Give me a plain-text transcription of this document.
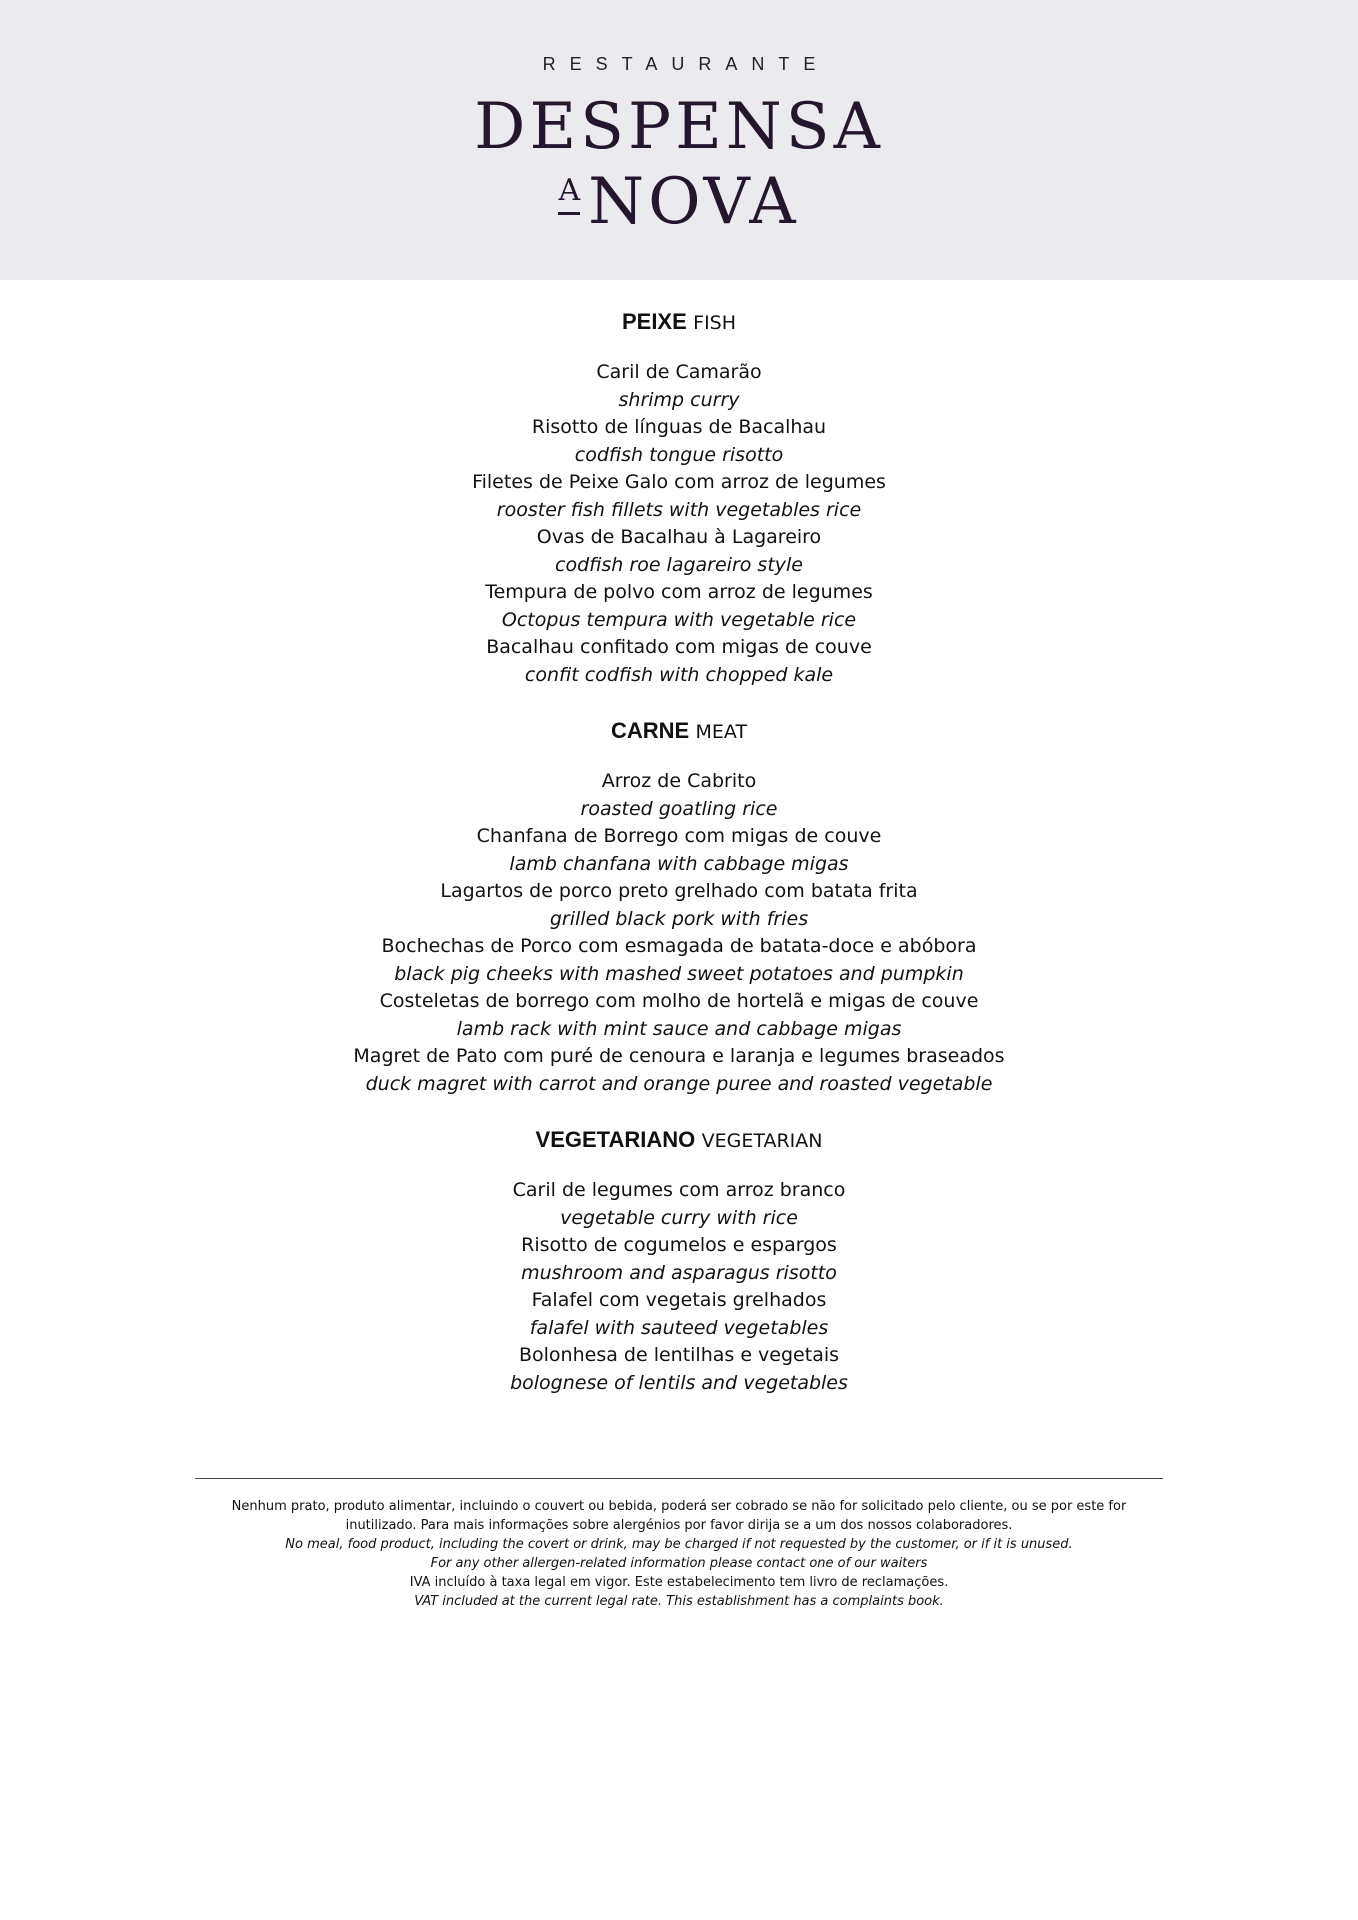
RESTAURANTE
DESPENSA
A NOVA
PEIXE FISH
Caril de Camarão
shrimp curry
Risotto de línguas de Bacalhau
codfish tongue risotto
Filetes de Peixe Galo com arroz de legumes
rooster fish fillets with vegetables rice
Ovas de Bacalhau à Lagareiro
codfish roe lagareiro style
Tempura de polvo com arroz de legumes
Octopus tempura with vegetable rice
Bacalhau confitado com migas de couve
confit codfish with chopped kale
CARNE MEAT
Arroz de Cabrito
roasted goatling rice
Chanfana de Borrego com migas de couve
lamb chanfana with cabbage migas
Lagartos de porco preto grelhado com batata frita
grilled black pork with fries
Bochechas de Porco com esmagada de batata-doce e abóbora
black pig cheeks with mashed sweet potatoes and pumpkin
Costeletas de borrego com molho de hortelã e migas de couve
lamb rack with mint sauce and cabbage migas
Magret de Pato com puré de cenoura e laranja e legumes braseados
duck magret with carrot and orange puree and roasted vegetable
VEGETARIANO VEGETARIAN
Caril de legumes com arroz branco
vegetable curry with rice
Risotto de cogumelos e espargos
mushroom and asparagus risotto
Falafel com vegetais grelhados
falafel with sauteed vegetables
Bolonhesa de lentilhas e vegetais
bolognese of lentils and vegetables
Nenhum prato, produto alimentar, incluindo o couvert ou bebida, poderá ser cobrado se não for solicitado pelo cliente, ou se por este for inutilizado. Para mais informações sobre alergénios por favor dirija se a um dos nossos colaboradores.
No meal, food product, including the covert or drink, may be charged if not requested by the customer, or if it is unused.
For any other allergen-related information please contact one of our waiters
IVA incluído à taxa legal em vigor. Este estabelecimento tem livro de reclamações.
VAT included at the current legal rate. This establishment has a complaints book.
